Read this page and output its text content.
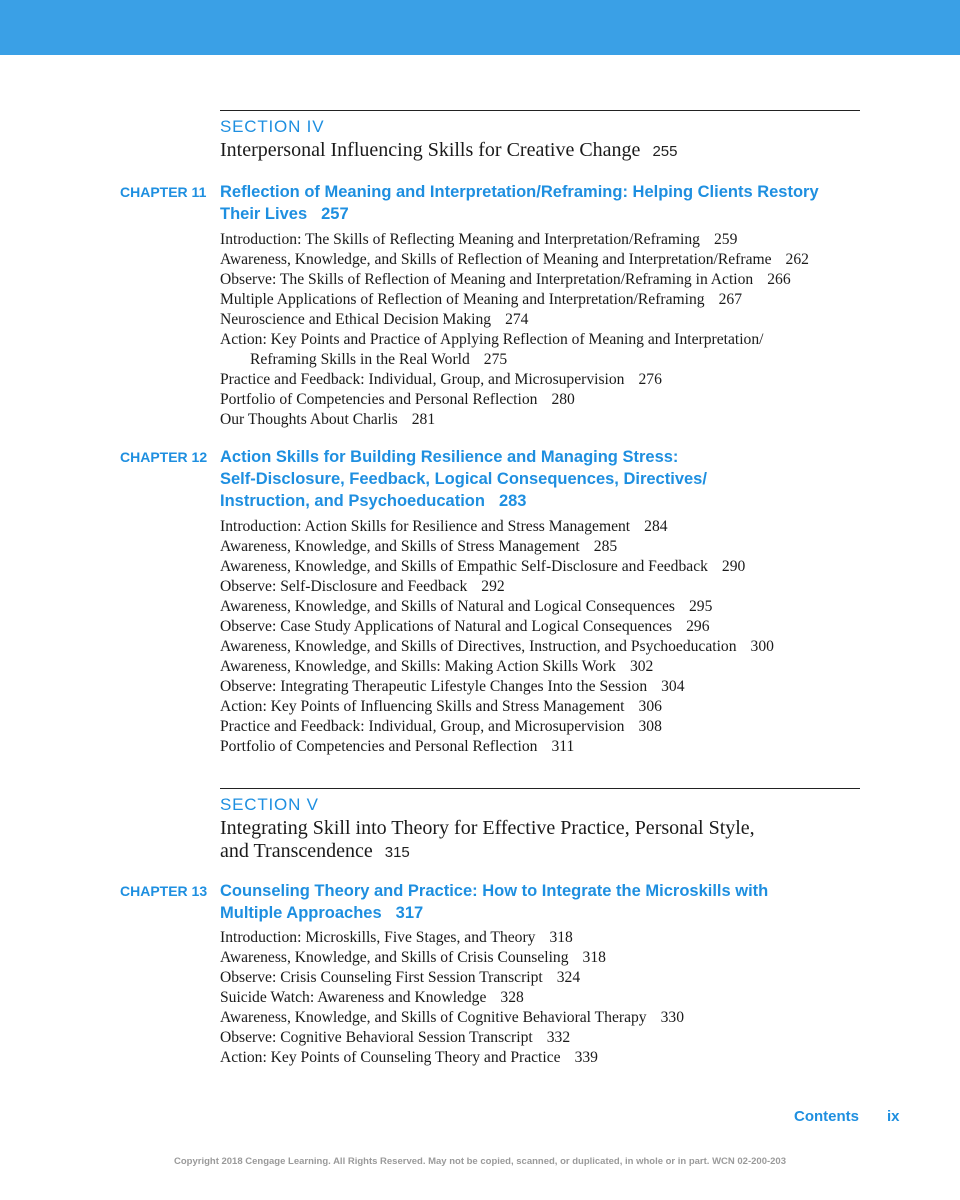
SECTION IV
Interpersonal Influencing Skills for Creative Change 255
CHAPTER 11 Reflection of Meaning and Interpretation/Reframing: Helping Clients Restory
Their Lives 257
Introduction: The Skills of Reflecting Meaning and Interpretation/Reframing 259
Awareness, Knowledge, and Skills of Reflection of Meaning and Interpretation/Reframe 262
Observe: The Skills of Reflection of Meaning and Interpretation/Reframing in Action 266
Multiple Applications of Reflection of Meaning and Interpretation/Reframing 267
Neuroscience and Ethical Decision Making 274
Action: Key Points and Practice of Applying Reflection of Meaning and Interpretation/
Reframing Skills in the Real World 275
Practice and Feedback: Individual, Group, and Microsupervision 276
Portfolio of Competencies and Personal Reflection 280
Our Thoughts About Charlis 281
CHAPTER 12 Action Skills for Building Resilience and Managing Stress:
Self-Disclosure, Feedback, Logical Consequences, Directives/
Instruction, and Psychoeducation 283
Introduction: Action Skills for Resilience and Stress Management 284
Awareness, Knowledge, and Skills of Stress Management 285
Awareness, Knowledge, and Skills of Empathic Self-Disclosure and Feedback 290
Observe: Self-Disclosure and Feedback 292
Awareness, Knowledge, and Skills of Natural and Logical Consequences 295
Observe: Case Study Applications of Natural and Logical Consequences 296
Awareness, Knowledge, and Skills of Directives, Instruction, and Psychoeducation 300
Awareness, Knowledge, and Skills: Making Action Skills Work 302
Observe: Integrating Therapeutic Lifestyle Changes Into the Session 304
Action: Key Points of Influencing Skills and Stress Management 306
Practice and Feedback: Individual, Group, and Microsupervision 308
Portfolio of Competencies and Personal Reflection 311
SECTION V
Integrating Skill into Theory for Effective Practice, Personal Style,
and Transcendence 315
CHAPTER 13 Counseling Theory and Practice: How to Integrate the Microskills with
Multiple Approaches 317
Introduction: Microskills, Five Stages, and Theory 318
Awareness, Knowledge, and Skills of Crisis Counseling 318
Observe: Crisis Counseling First Session Transcript 324
Suicide Watch: Awareness and Knowledge 328
Awareness, Knowledge, and Skills of Cognitive Behavioral Therapy 330
Observe: Cognitive Behavioral Session Transcript 332
Action: Key Points of Counseling Theory and Practice 339
Contents ix
Copyright 2018 Cengage Learning. All Rights Reserved. May not be copied, scanned, or duplicated, in whole or in part. WCN 02-200-203
